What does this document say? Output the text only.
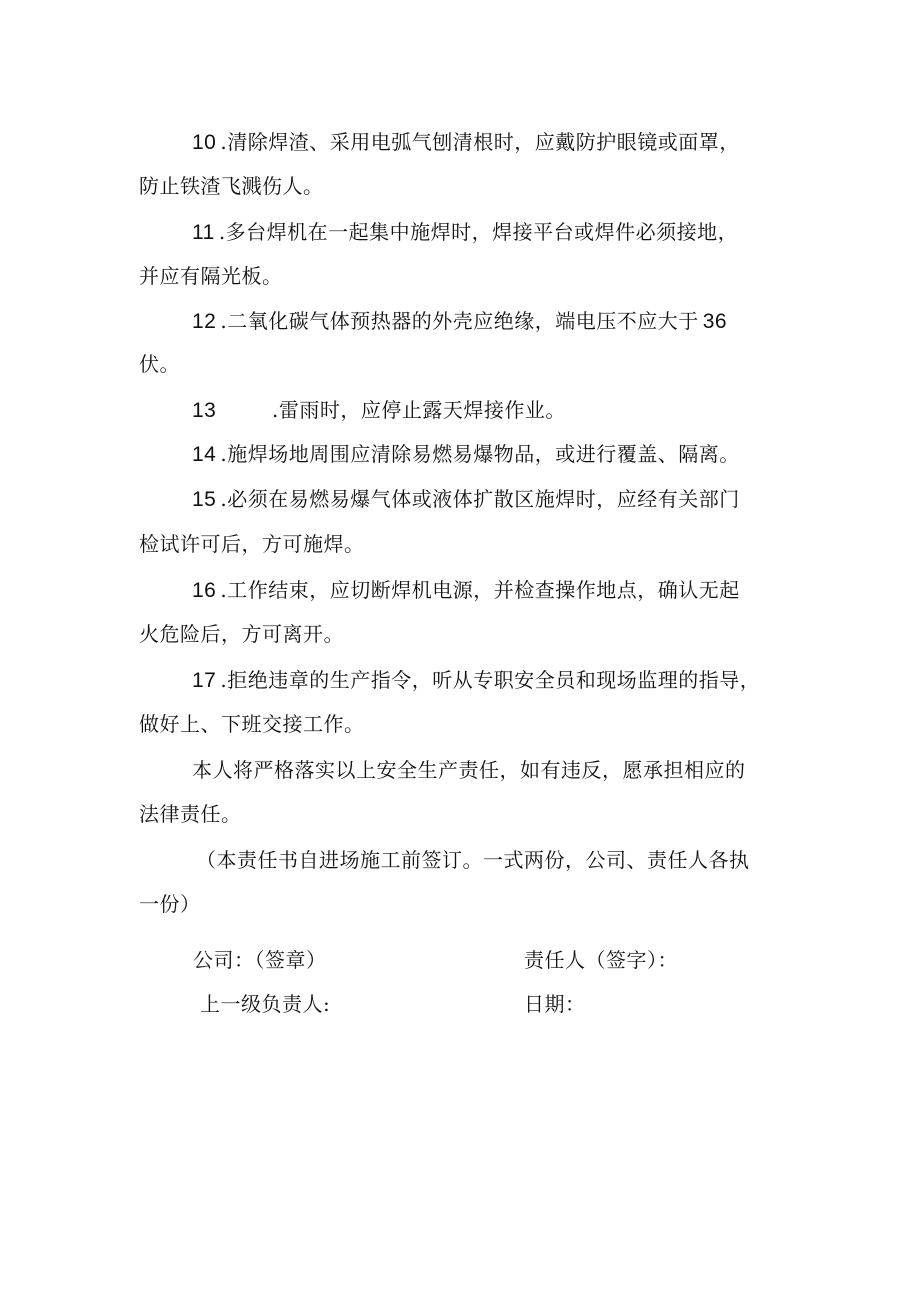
10 .清除焊渣、采用电弧气刨清根时，应戴防护眼镜或面罩，
防止铁渣飞溅伤人。
11 .多台焊机在一起集中施焊时，焊接平台或焊件必须接地，
并应有隔光板。
12 .二氧化碳气体预热器的外壳应绝缘，端电压不应大于 36
伏。
13	.雷雨时，应停止露天焊接作业。
14 .施焊场地周围应清除易燃易爆物品，或进行覆盖、隔离。
15 .必须在易燃易爆气体或液体扩散区施焊时，应经有关部门
检试许可后，方可施焊。
16 .工作结束，应切断焊机电源，并检查操作地点，确认无起
火危险后，方可离开。
17 .拒绝违章的生产指令，听从专职安全员和现场监理的指导，
做好上、下班交接工作。
本人将严格落实以上安全生产责任，如有违反，愿承担相应的
法律责任。
（本责任书自进场施工前签订。一式两份，公司、责任人各执
一份）
公司：（签章）	责任人（签字）：
上一级负责人:	日期：
